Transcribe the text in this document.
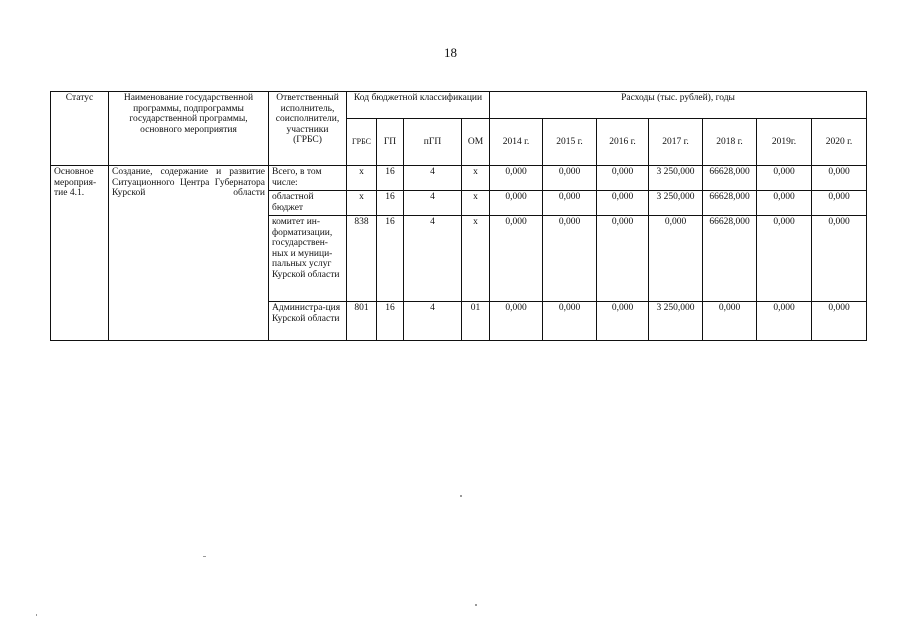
18
Статус	Наименование государственной программы, подпрограммы государственной программы, основного мероприятия	Ответственный исполнитель, соисполнители, участники (ГРБС)	Код бюджетной классификации				Расходы (тыс. рублей), годы						
			ГРБС	ГП	пГП	ОМ	2014 г.	2015 г.	2016 г.	2017 г.	2018 г.	2019г.	2020 г.
Основное мероприя-тие 4.1.	Создание, содержание и развитие Ситуационного Центра Губернатора Курской области	Всего, в том числе:	х	16	4	х	0,000	0,000	0,000	3 250,000	66628,000	0,000	0,000
		областной бюджет	х	16	4	х	0,000	0,000	0,000	3 250,000	66628,000	0,000	0,000
		комитет ин-форматизации, государствен-ных и муници-пальных услуг Курской области	838	16	4	х	0,000	0,000	0,000	0,000	66628,000	0,000	0,000
		Администра-ция Курской области	801	16	4	01	0,000	0,000	0,000	3 250,000	0,000	0,000	0,000
